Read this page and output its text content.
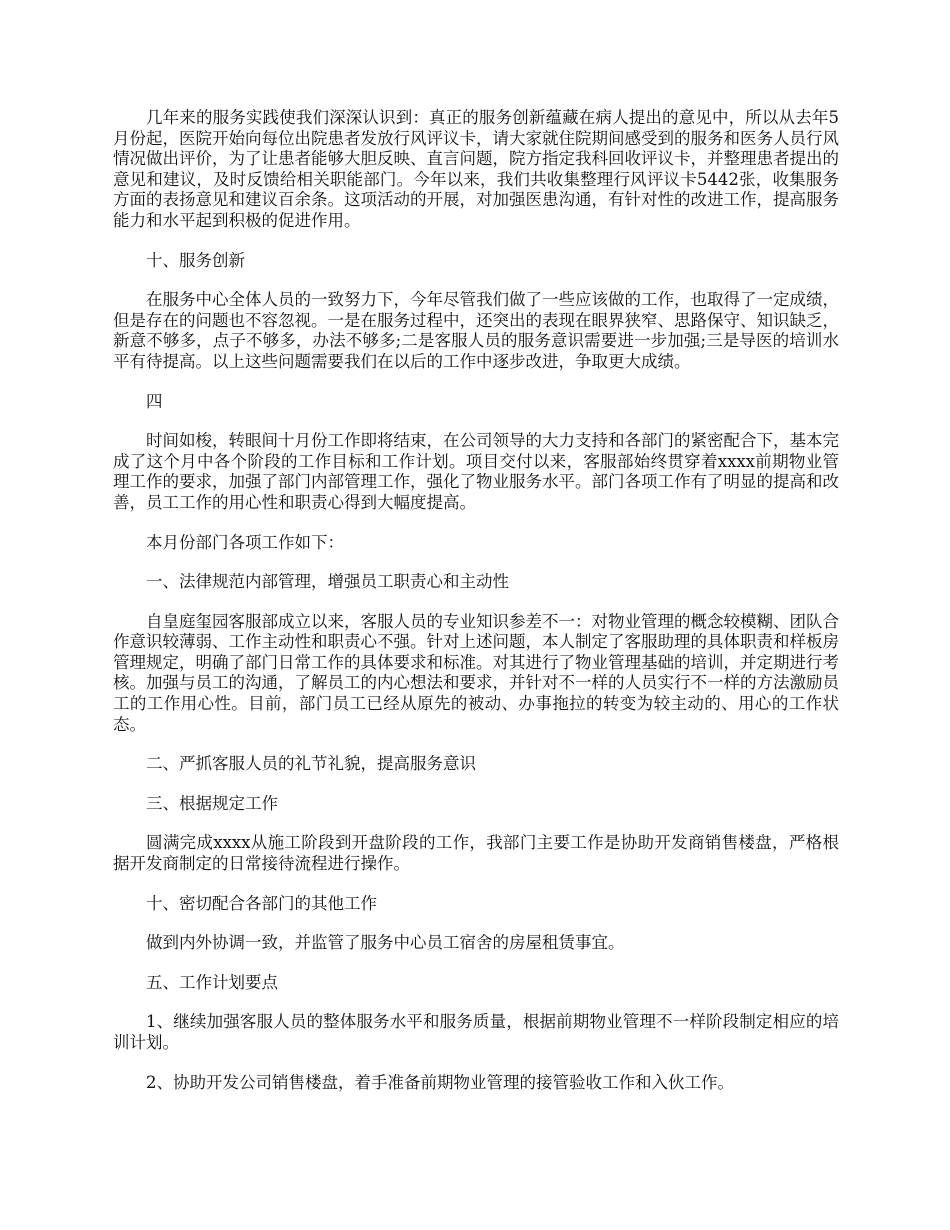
几年来的服务实践使我们深深认识到：真正的服务创新蕴藏在病人提出的意见中，所以从去年5月份起，医院开始向每位出院患者发放行风评议卡，请大家就住院期间感受到的服务和医务人员行风情况做出评价，为了让患者能够大胆反映、直言问题，院方指定我科回收评议卡，并整理患者提出的意见和建议，及时反馈给相关职能部门。今年以来，我们共收集整理行风评议卡5442张，收集服务方面的表扬意见和建议百余条。这项活动的开展，对加强医患沟通，有针对性的改进工作，提高服务能力和水平起到积极的促进作用。

十、服务创新

在服务中心全体人员的一致努力下，今年尽管我们做了一些应该做的工作，也取得了一定成绩，但是存在的问题也不容忽视。一是在服务过程中，还突出的表现在眼界狭窄、思路保守、知识缺乏，新意不够多，点子不够多，办法不够多;二是客服人员的服务意识需要进一步加强;三是导医的培训水平有待提高。以上这些问题需要我们在以后的工作中逐步改进，争取更大成绩。

四

时间如梭，转眼间十月份工作即将结束，在公司领导的大力支持和各部门的紧密配合下，基本完成了这个月中各个阶段的工作目标和工作计划。项目交付以来，客服部始终贯穿着xxxx前期物业管理工作的要求，加强了部门内部管理工作，强化了物业服务水平。部门各项工作有了明显的提高和改善，员工工作的用心性和职责心得到大幅度提高。

本月份部门各项工作如下：

一、法律规范内部管理，增强员工职责心和主动性

自皇庭玺园客服部成立以来，客服人员的专业知识参差不一：对物业管理的概念较模糊、团队合作意识较薄弱、工作主动性和职责心不强。针对上述问题，本人制定了客服助理的具体职责和样板房管理规定，明确了部门日常工作的具体要求和标准。对其进行了物业管理基础的培训，并定期进行考核。加强与员工的沟通，了解员工的内心想法和要求，并针对不一样的人员实行不一样的方法激励员工的工作用心性。目前，部门员工已经从原先的被动、办事拖拉的转变为较主动的、用心的工作状态。

二、严抓客服人员的礼节礼貌，提高服务意识

三、根据规定工作

圆满完成xxxx从施工阶段到开盘阶段的工作，我部门主要工作是协助开发商销售楼盘，严格根据开发商制定的日常接待流程进行操作。

十、密切配合各部门的其他工作

做到内外协调一致，并监管了服务中心员工宿舍的房屋租赁事宜。

五、工作计划要点

1、继续加强客服人员的整体服务水平和服务质量，根据前期物业管理不一样阶段制定相应的培训计划。

2、协助开发公司销售楼盘，着手准备前期物业管理的接管验收工作和入伙工作。
